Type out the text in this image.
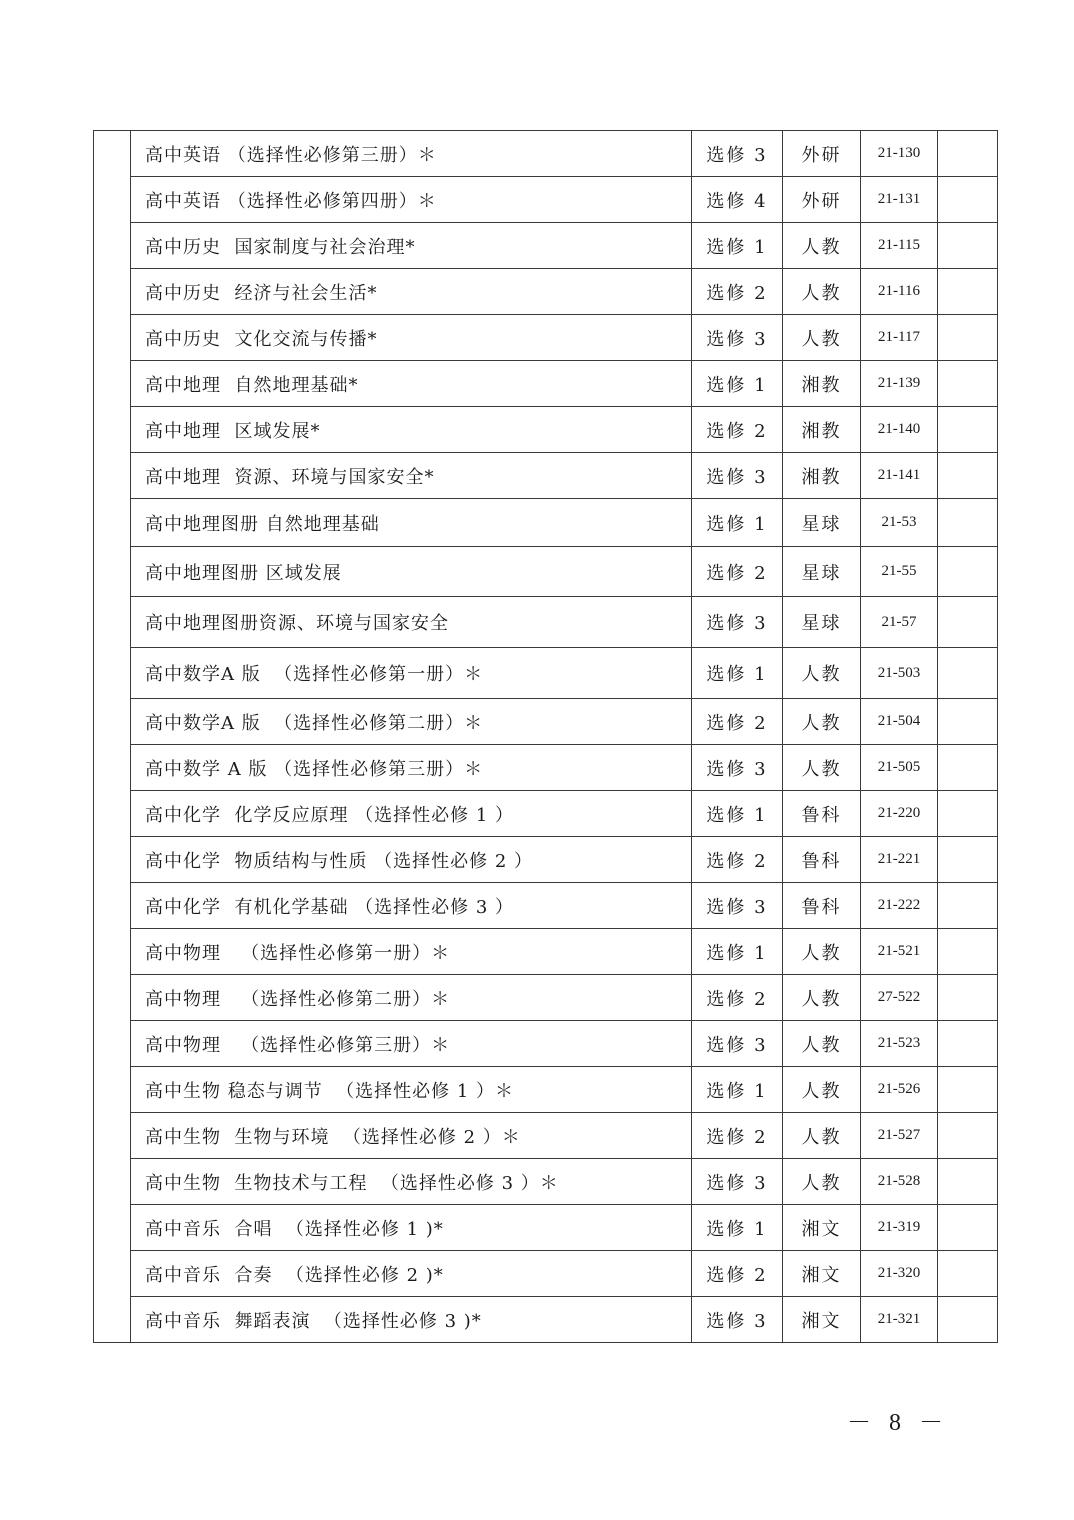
	高中英语 （选择性必修第三册）＊	选修 3	外研	21-130	
	高中英语 （选择性必修第四册）＊	选修 4	外研	21-131	
	高中历史  国家制度与社会治理*	选修 1	人教	21-115	
	高中历史  经济与社会生活*	选修 2	人教	21-116	
	高中历史  文化交流与传播*	选修 3	人教	21-117	
	高中地理  自然地理基础*	选修 1	湘教	21-139	
	高中地理  区域发展*	选修 2	湘教	21-140	
	高中地理  资源、环境与国家安全*	选修 3	湘教	21-141	
	高中地理图册 自然地理基础	选修 1	星球	21-53	
	高中地理图册 区域发展	选修 2	星球	21-55	
	高中地理图册资源、环境与国家安全	选修 3	星球	21-57	
	高中数学A 版  （选择性必修第一册）＊	选修 1	人教	21-503	
	高中数学A 版  （选择性必修第二册）＊	选修 2	人教	21-504	
	高中数学 A 版 （选择性必修第三册）＊	选修 3	人教	21-505	
	高中化学  化学反应原理 （选择性必修 1 ）	选修 1	鲁科	21-220	
	高中化学  物质结构与性质 （选择性必修 2 ）	选修 2	鲁科	21-221	
	高中化学  有机化学基础 （选择性必修 3 ）	选修 3	鲁科	21-222	
	高中物理   （选择性必修第一册）＊	选修 1	人教	21-521	
	高中物理   （选择性必修第二册）＊	选修 2	人教	27-522	
	高中物理   （选择性必修第三册）＊	选修 3	人教	21-523	
	高中生物 稳态与调节  （选择性必修 1 ）＊	选修 1	人教	21-526	
	高中生物  生物与环境  （选择性必修 2 ）＊	选修 2	人教	21-527	
	高中生物  生物技术与工程  （选择性必修 3 ）＊	选修 3	人教	21-528	
	高中音乐  合唱  （选择性必修 1 )*	选修 1	湘文	21-319	
	高中音乐  合奏  （选择性必修 2 )*	选修 2	湘文	21-320	
	高中音乐  舞蹈表演  （选择性必修 3 )*	选修 3	湘文	21-321	
－ 8 －
